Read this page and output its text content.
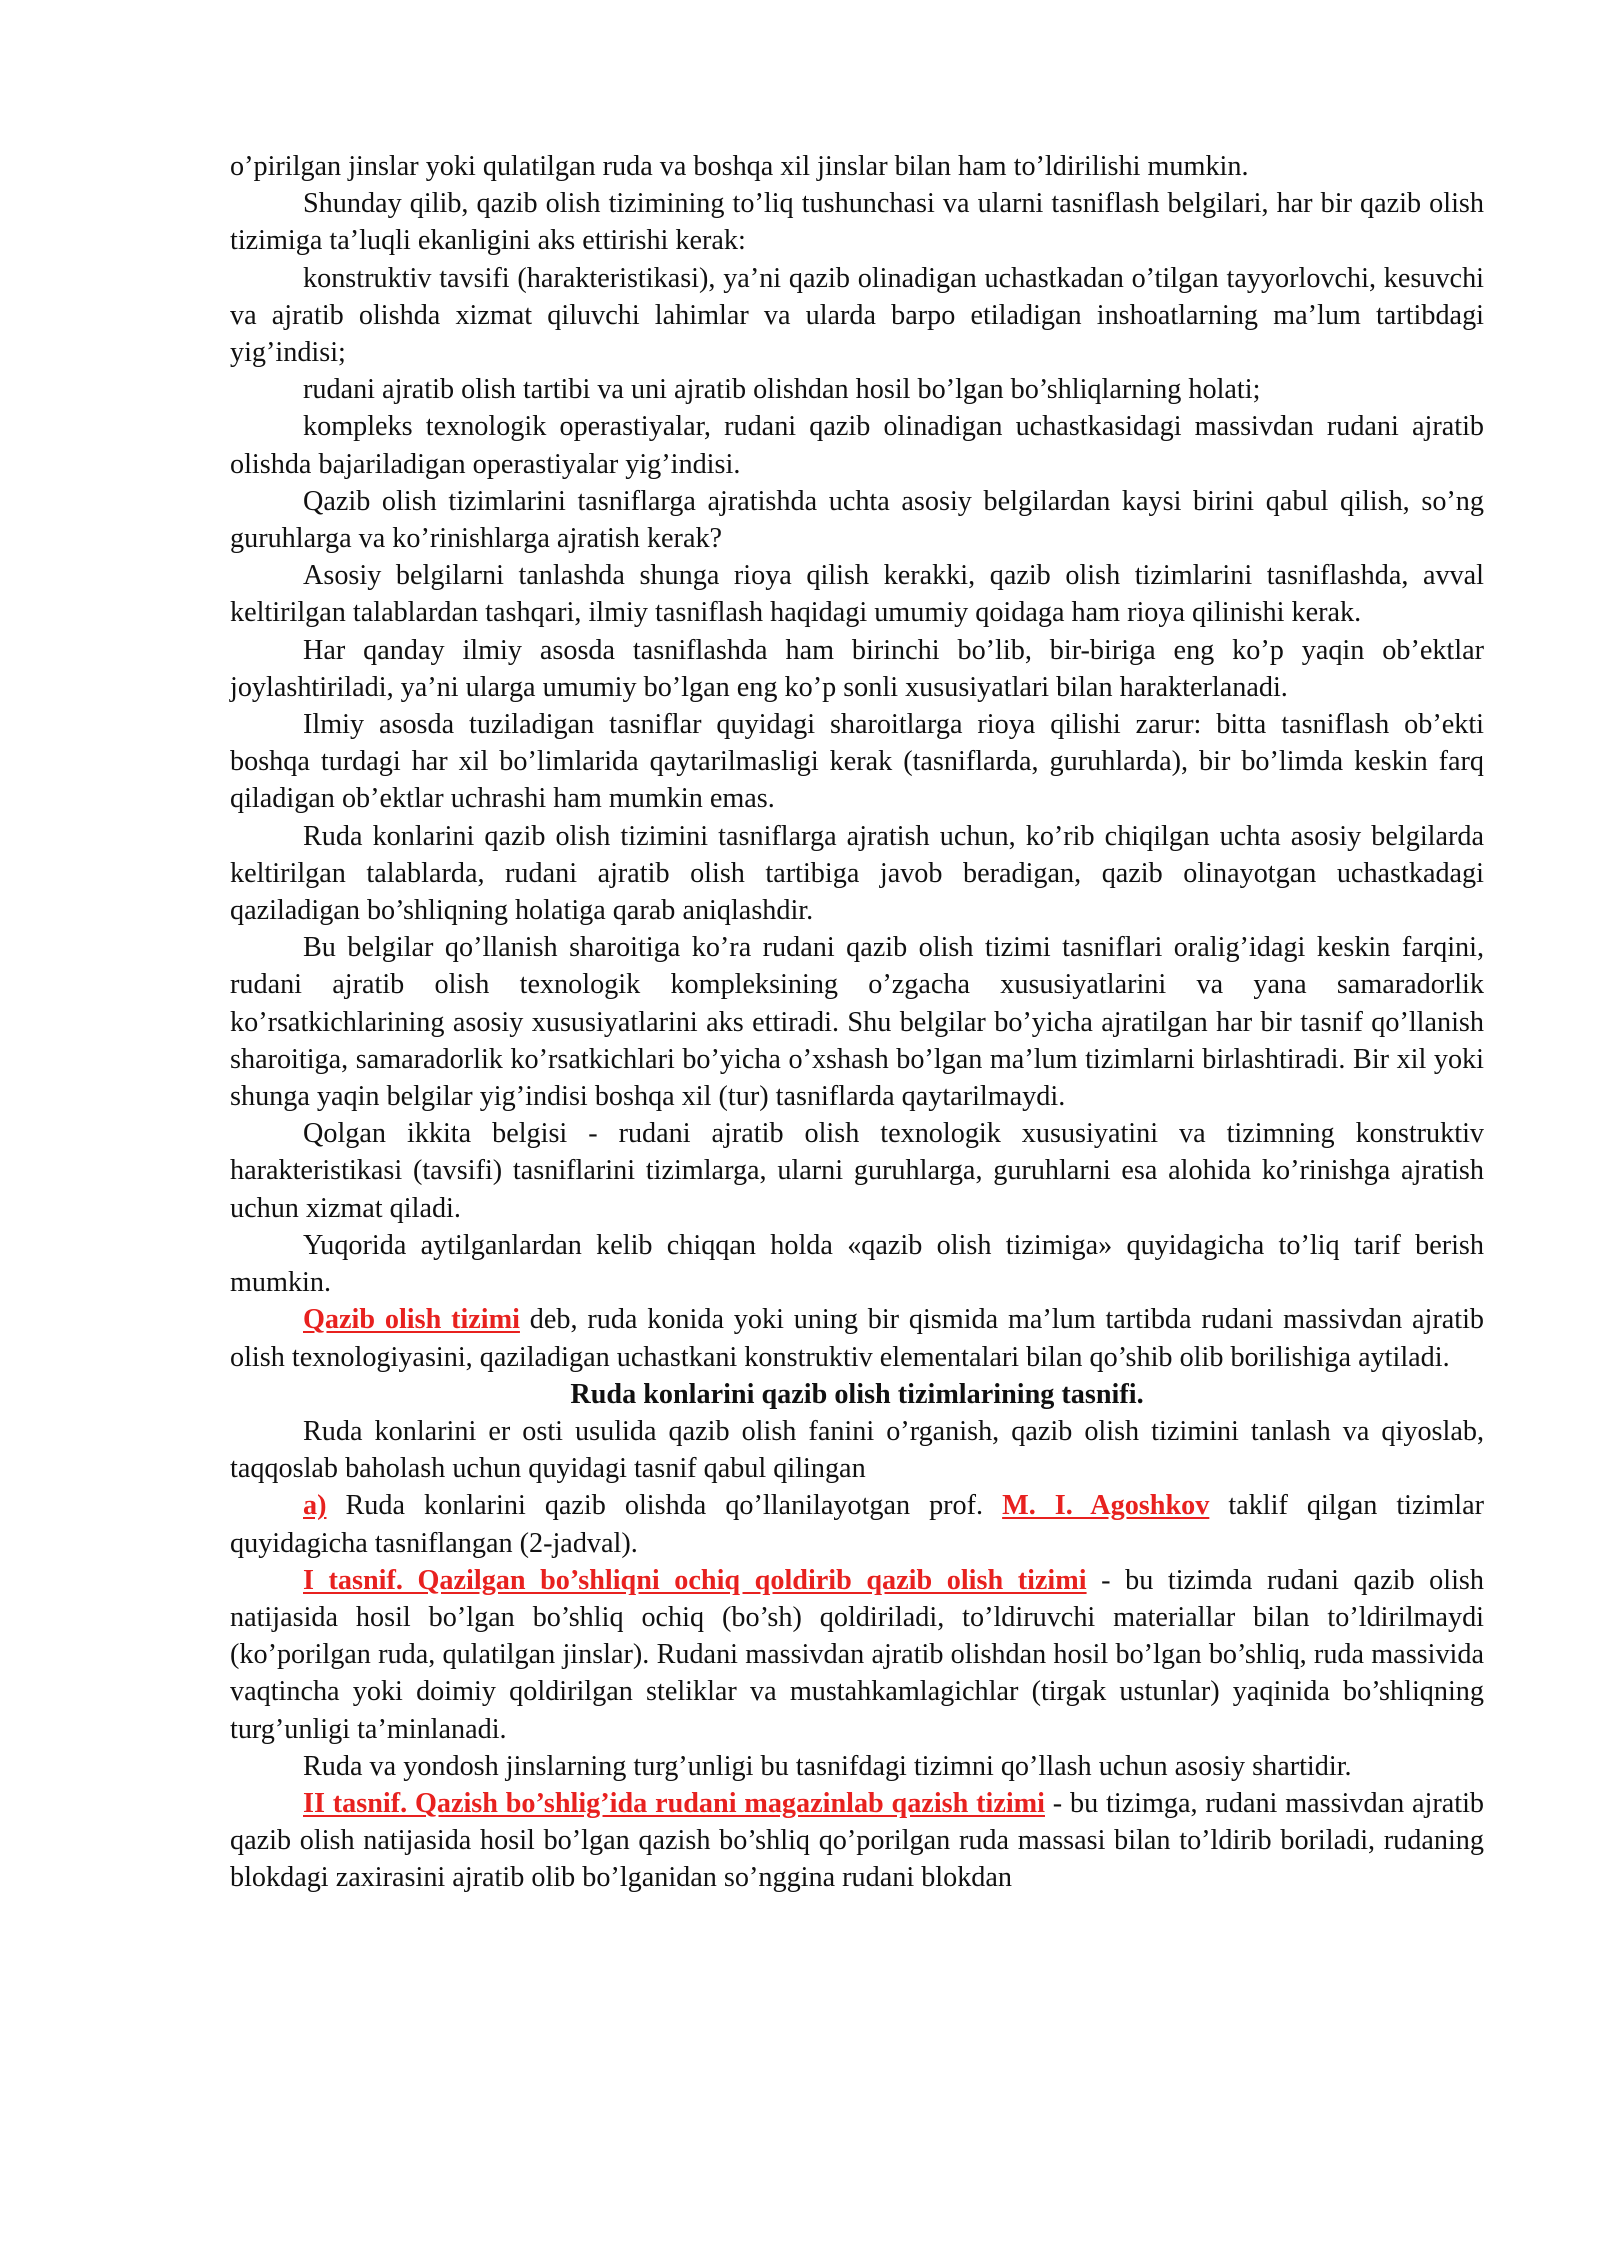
o’pirilgan jinslar yoki qulatilgan ruda va boshqa xil jinslar bilan ham to’ldirilishi mumkin.

Shunday qilib, qazib olish tizimining to’liq tushunchasi va ularni tasniflash belgilari, har bir qazib olish tizimiga ta’luqli ekanligini aks ettirishi kerak:

konstruktiv tavsifi (harakteristikasi), ya’ni qazib olinadigan uchastkadan o’tilgan tayyorlovchi, kesuvchi va ajratib olishda xizmat qiluvchi lahimlar va ularda barpo etiladigan inshoatlarning ma’lum tartibdagi yig’indisi;

rudani ajratib olish tartibi va uni ajratib olishdan hosil bo’lgan bo’shliqlarning holati;

kompleks texnologik operastiyalar, rudani qazib olinadigan uchastkasidagi massivdan rudani ajratib olishda bajariladigan operastiyalar yig’indisi.

Qazib olish tizimlarini tasniflarga ajratishda uchta asosiy belgilardan kaysi birini qabul qilish, so’ng guruhlarga va ko’rinishlarga ajratish kerak?

Asosiy belgilarni tanlashda shunga rioya qilish kerakki, qazib olish tizimlarini tasniflashda, avval keltirilgan talablardan tashqari, ilmiy tasniflash haqidagi umumiy qoidaga ham rioya qilinishi kerak.

Har qanday ilmiy asosda tasniflashda ham birinchi bo’lib, bir-biriga eng ko’p yaqin ob’ektlar joylashtiriladi, ya’ni ularga umumiy bo’lgan eng ko’p sonli xususiyatlari bilan harakterlanadi.

Ilmiy asosda tuziladigan tasniflar quyidagi sharoitlarga rioya qilishi zarur: bitta tasniflash ob’ekti boshqa turdagi har xil bo’limlarida qaytarilmasligi kerak (tasniflarda, guruhlarda), bir bo’limda keskin farq qiladigan ob’ektlar uchrashi ham mumkin emas.

Ruda konlarini qazib olish tizimini tasniflarga ajratish uchun, ko’rib chiqilgan uchta asosiy belgilarda keltirilgan talablarda, rudani ajratib olish tartibiga javob beradigan, qazib olinayotgan uchastkadagi qaziladigan bo’shliqning holatiga qarab aniqlashdir.

Bu belgilar qo’llanish sharoitiga ko’ra rudani qazib olish tizimi tasniflari oralig’idagi keskin farqini, rudani ajratib olish texnologik kompleksining o’zgacha xususiyatlarini va yana samaradorlik ko’rsatkichlarining asosiy xususiyatlarini aks ettiradi. Shu belgilar bo’yicha ajratilgan har bir tasnif qo’llanish sharoitiga, samaradorlik ko’rsatkichlari bo’yicha o’xshash bo’lgan ma’lum tizimlarni birlashtiradi. Bir xil yoki shunga yaqin belgilar yig’indisi boshqa xil (tur) tasniflarda qaytarilmaydi.

Qolgan ikkita belgisi - rudani ajratib olish texnologik xususiyatini va tizimning konstruktiv harakteristikasi (tavsifi) tasniflarini tizimlarga, ularni guruhlarga, guruhlarni esa alohida ko’rinishga ajratish uchun xizmat qiladi.

Yuqorida aytilganlardan kelib chiqqan holda «qazib olish tizimiga» quyidagicha to’liq tarif berish mumkin.

Qazib olish tizimi deb, ruda konida yoki uning bir qismida ma’lum tartibda rudani massivdan ajratib olish texnologiyasini, qaziladigan uchastkani konstruktiv elementalari bilan qo’shib olib borilishiga aytiladi.

Ruda konlarini qazib olish tizimlarining tasnifi.

Ruda konlarini er osti usulida qazib olish fanini o’rganish, qazib olish tizimini tanlash va qiyoslab, taqqoslab baholash uchun quyidagi tasnif qabul qilingan

a) Ruda konlarini qazib olishda qo’llanilayotgan prof. M. I. Agoshkov taklif qilgan tizimlar quyidagicha tasniflangan (2-jadval).

I tasnif. Qazilgan bo’shliqni ochiq qoldirib qazib olish tizimi - bu tizimda rudani qazib olish natijasida hosil bo’lgan bo’shliq ochiq (bo’sh) qoldiriladi, to’ldiruvchi materiallar bilan to’ldirilmaydi (ko’porilgan ruda, qulatilgan jinslar). Rudani massivdan ajratib olishdan hosil bo’lgan bo’shliq, ruda massivida vaqtincha yoki doimiy qoldirilgan steliklar va mustahkamlagichlar (tirgak ustunlar) yaqinida bo’shliqning turg’unligi ta’minlanadi.

Ruda va yondosh jinslarning turg’unligi bu tasnifdagi tizimni qo’llash uchun asosiy shartidir.

II tasnif. Qazish bo’shlig’ida rudani magazinlab qazish tizimi - bu tizimga, rudani massivdan ajratib qazib olish natijasida hosil bo’lgan qazish bo’shliq qo’porilgan ruda massasi bilan to’ldirib boriladi, rudaning blokdagi zaxirasini ajratib olib bo’lganidan so’nggina rudani blokdan
